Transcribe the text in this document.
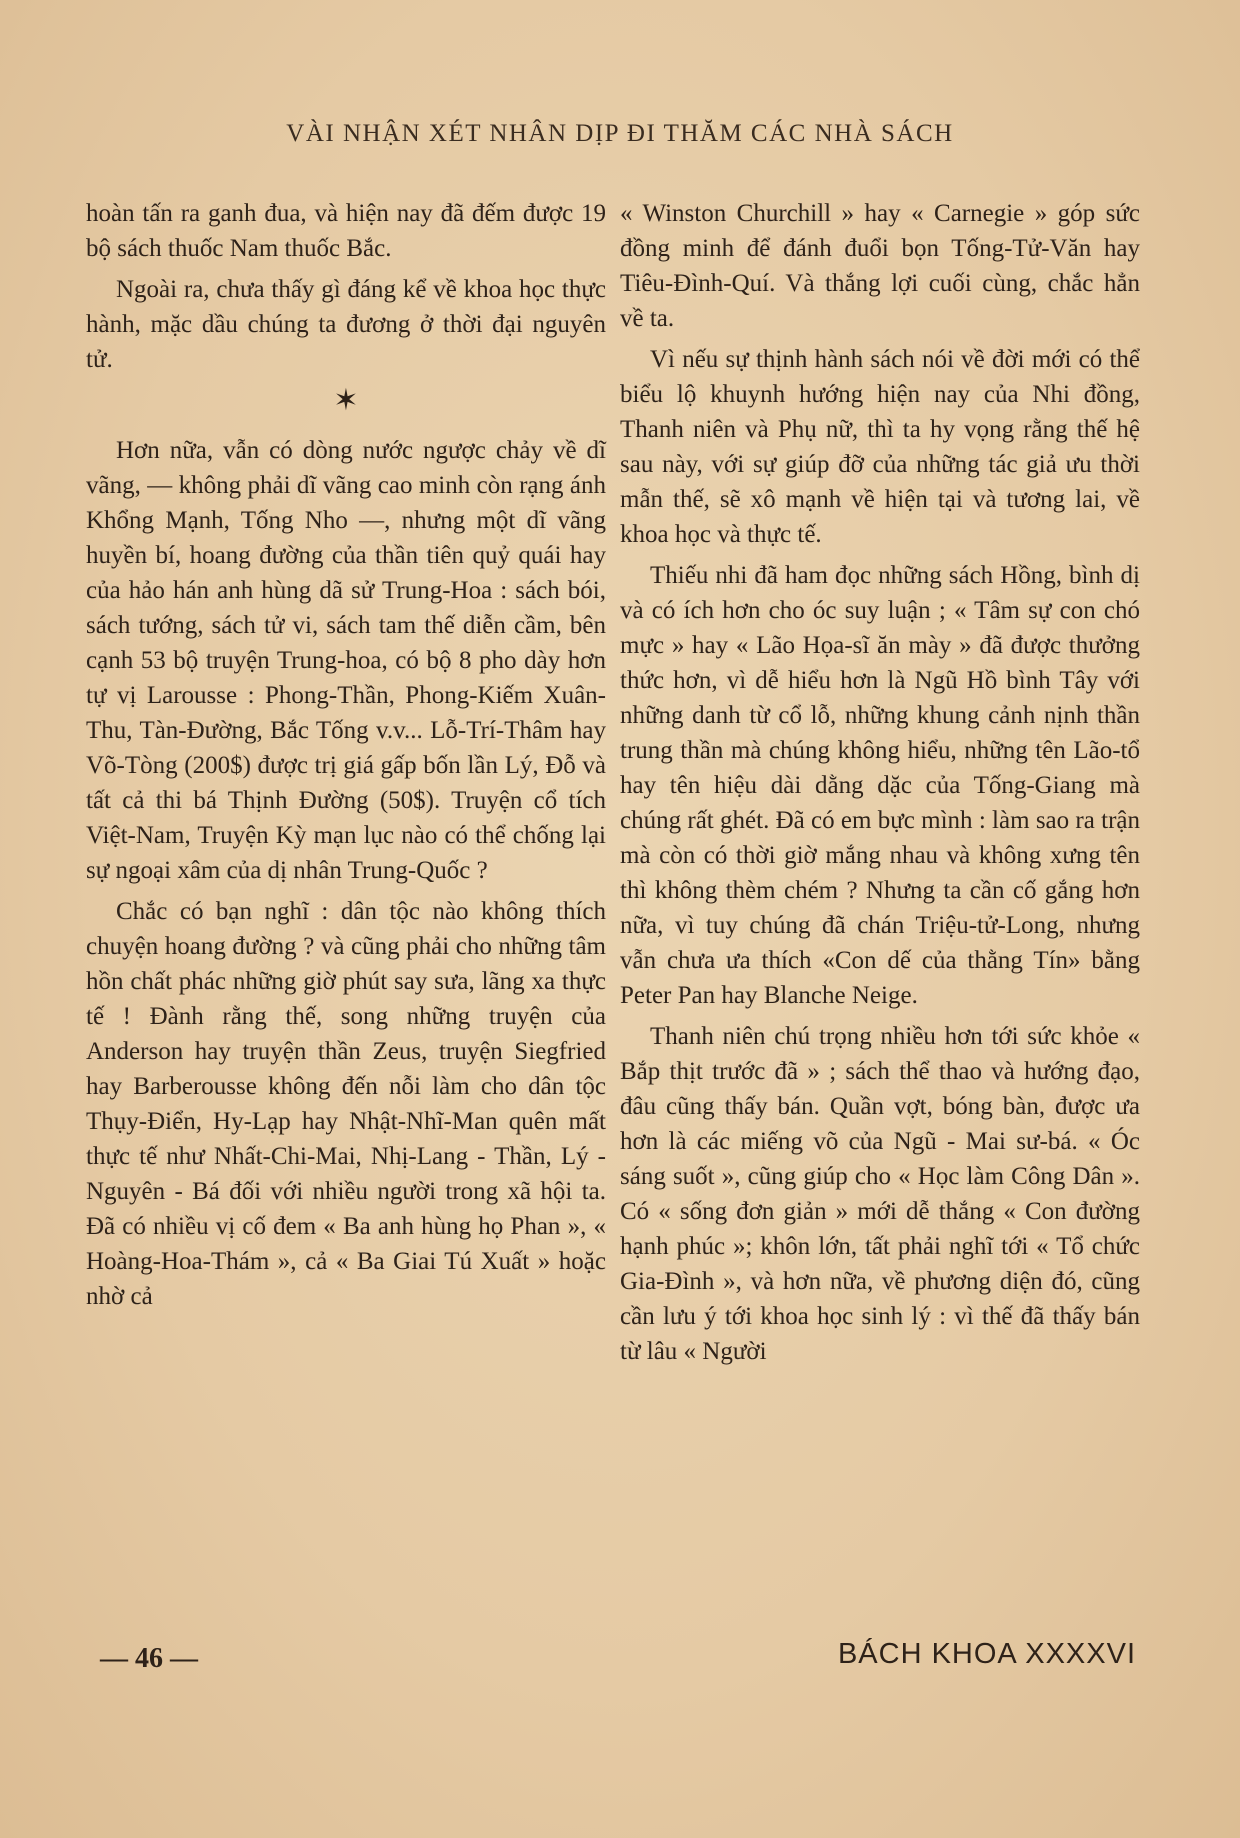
VÀI NHẬN XÉT NHÂN DỊP ĐI THĂM CÁC NHÀ SÁCH

hoàn tấn ra ganh đua, và hiện nay đã đếm được 19 bộ sách thuốc Nam thuốc Bắc.

Ngoài ra, chưa thấy gì đáng kể về khoa học thực hành, mặc dầu chúng ta đương ở thời đại nguyên tử.

✶

Hơn nữa, vẫn có dòng nước ngược chảy về dĩ vãng, — không phải dĩ vãng cao minh còn rạng ánh Khổng Mạnh, Tống Nho —, nhưng một dĩ vãng huyền bí, hoang đường của thần tiên quỷ quái hay của hảo hán anh hùng dã sử Trung-Hoa : sách bói, sách tướng, sách tử vi, sách tam thế diễn cầm, bên cạnh 53 bộ truyện Trung-hoa, có bộ 8 pho dày hơn tự vị Larousse : Phong-Thần, Phong-Kiếm Xuân-Thu, Tàn-Đường, Bắc Tống v.v... Lỗ-Trí-Thâm hay Võ-Tòng (200$) được trị giá gấp bốn lần Lý, Đỗ và tất cả thi bá Thịnh Đường (50$). Truyện cổ tích Việt-Nam, Truyện Kỳ mạn lục nào có thể chống lại sự ngoại xâm của dị nhân Trung-Quốc ?

Chắc có bạn nghĩ : dân tộc nào không thích chuyện hoang đường ? và cũng phải cho những tâm hồn chất phác những giờ phút say sưa, lãng xa thực tế ! Đành rằng thế, song những truyện của Anderson hay truyện thần Zeus, truyện Siegfried hay Barberousse không đến nỗi làm cho dân tộc Thụy-Điển, Hy-Lạp hay Nhật-Nhĩ-Man quên mất thực tế như Nhất-Chi-Mai, Nhị-Lang - Thần, Lý - Nguyên - Bá đối với nhiều người trong xã hội ta. Đã có nhiều vị cố đem « Ba anh hùng họ Phan », « Hoàng-Hoa-Thám », cả « Ba Giai Tú Xuất » hoặc nhờ cả

« Winston Churchill » hay « Carnegie » góp sức đồng minh để đánh đuổi bọn Tống-Tử-Văn hay Tiêu-Đình-Quí. Và thắng lợi cuối cùng, chắc hẳn về ta.

Vì nếu sự thịnh hành sách nói về đời mới có thể biểu lộ khuynh hướng hiện nay của Nhi đồng, Thanh niên và Phụ nữ, thì ta hy vọng rằng thế hệ sau này, với sự giúp đỡ của những tác giả ưu thời mẫn thế, sẽ xô mạnh về hiện tại và tương lai, về khoa học và thực tế.

Thiếu nhi đã ham đọc những sách Hồng, bình dị và có ích hơn cho óc suy luận ; « Tâm sự con chó mực » hay « Lão Họa-sĩ ăn mày » đã được thưởng thức hơn, vì dễ hiểu hơn là Ngũ Hồ bình Tây với những danh từ cổ lỗ, những khung cảnh nịnh thần trung thần mà chúng không hiểu, những tên Lão-tổ hay tên hiệu dài dằng dặc của Tống-Giang mà chúng rất ghét. Đã có em bực mình : làm sao ra trận mà còn có thời giờ mắng nhau và không xưng tên thì không thèm chém ? Nhưng ta cần cố gắng hơn nữa, vì tuy chúng đã chán Triệu-tử-Long, nhưng vẫn chưa ưa thích «Con dế của thằng Tín» bằng Peter Pan hay Blanche Neige.

Thanh niên chú trọng nhiều hơn tới sức khỏe « Bắp thịt trước đã » ; sách thể thao và hướng đạo, đâu cũng thấy bán. Quần vợt, bóng bàn, được ưa hơn là các miếng võ của Ngũ - Mai sư-bá. « Óc sáng suốt », cũng giúp cho « Học làm Công Dân ». Có « sống đơn giản » mới dễ thắng « Con đường hạnh phúc »; khôn lớn, tất phải nghĩ tới « Tổ chức Gia-Đình », và hơn nữa, về phương diện đó, cũng cần lưu ý tới khoa học sinh lý : vì thế đã thấy bán từ lâu « Người

— 46 —	BÁCH KHOA XXXXVI
